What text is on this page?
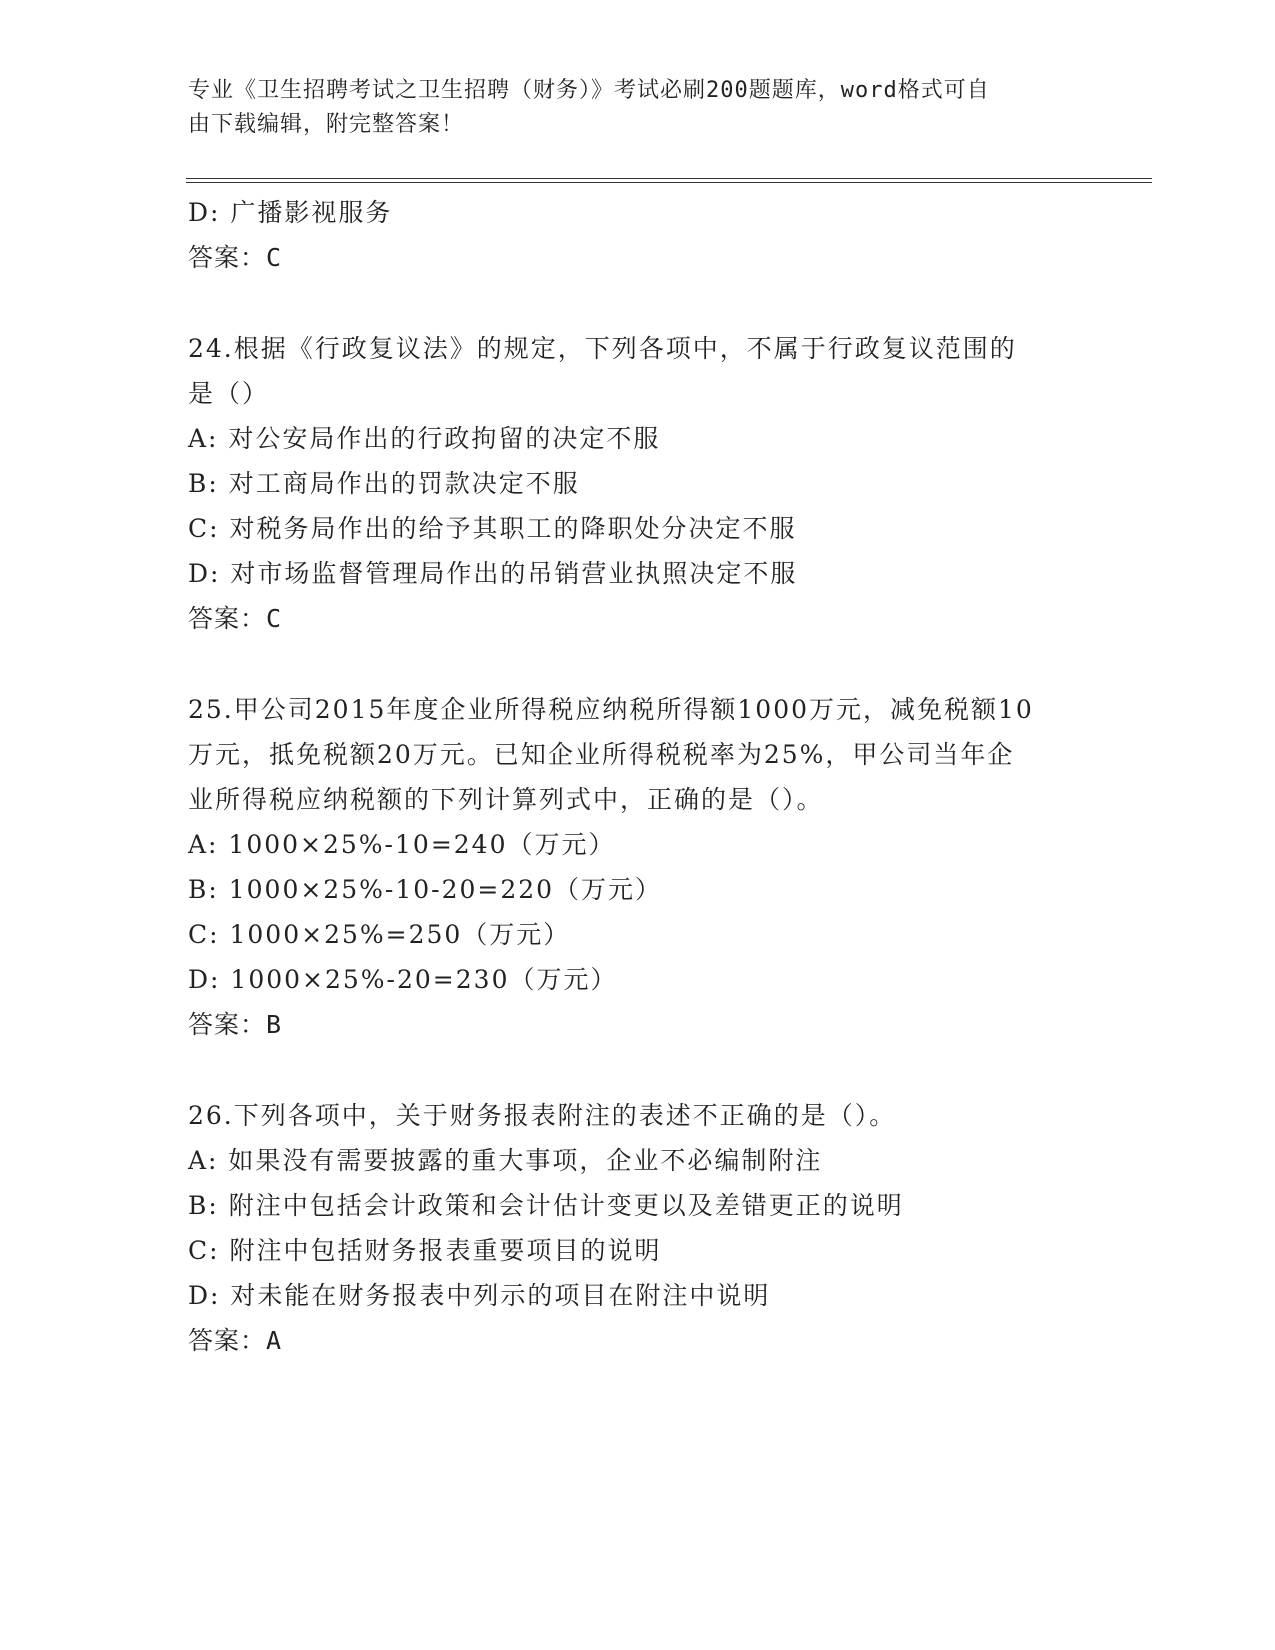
专业《卫生招聘考试之卫生招聘（财务）》考试必刷200题题库，word格式可自
由下载编辑，附完整答案！
D: 广播影视服务
答案：C
24.根据《行政复议法》的规定，下列各项中，不属于行政复议范围的
是（）
A: 对公安局作出的行政拘留的决定不服
B: 对工商局作出的罚款决定不服
C: 对税务局作出的给予其职工的降职处分决定不服
D: 对市场监督管理局作出的吊销营业执照决定不服
答案：C
25.甲公司2015年度企业所得税应纳税所得额1000万元，减免税额10
万元，抵免税额20万元。已知企业所得税税率为25%，甲公司当年企
业所得税应纳税额的下列计算列式中，正确的是（）。
A: 1000×25%-10=240（万元）
B: 1000×25%-10-20=220（万元）
C: 1000×25%=250（万元）
D: 1000×25%-20=230（万元）
答案：B
26.下列各项中，关于财务报表附注的表述不正确的是（）。
A: 如果没有需要披露的重大事项，企业不必编制附注
B: 附注中包括会计政策和会计估计变更以及差错更正的说明
C: 附注中包括财务报表重要项目的说明
D: 对未能在财务报表中列示的项目在附注中说明
答案：A
